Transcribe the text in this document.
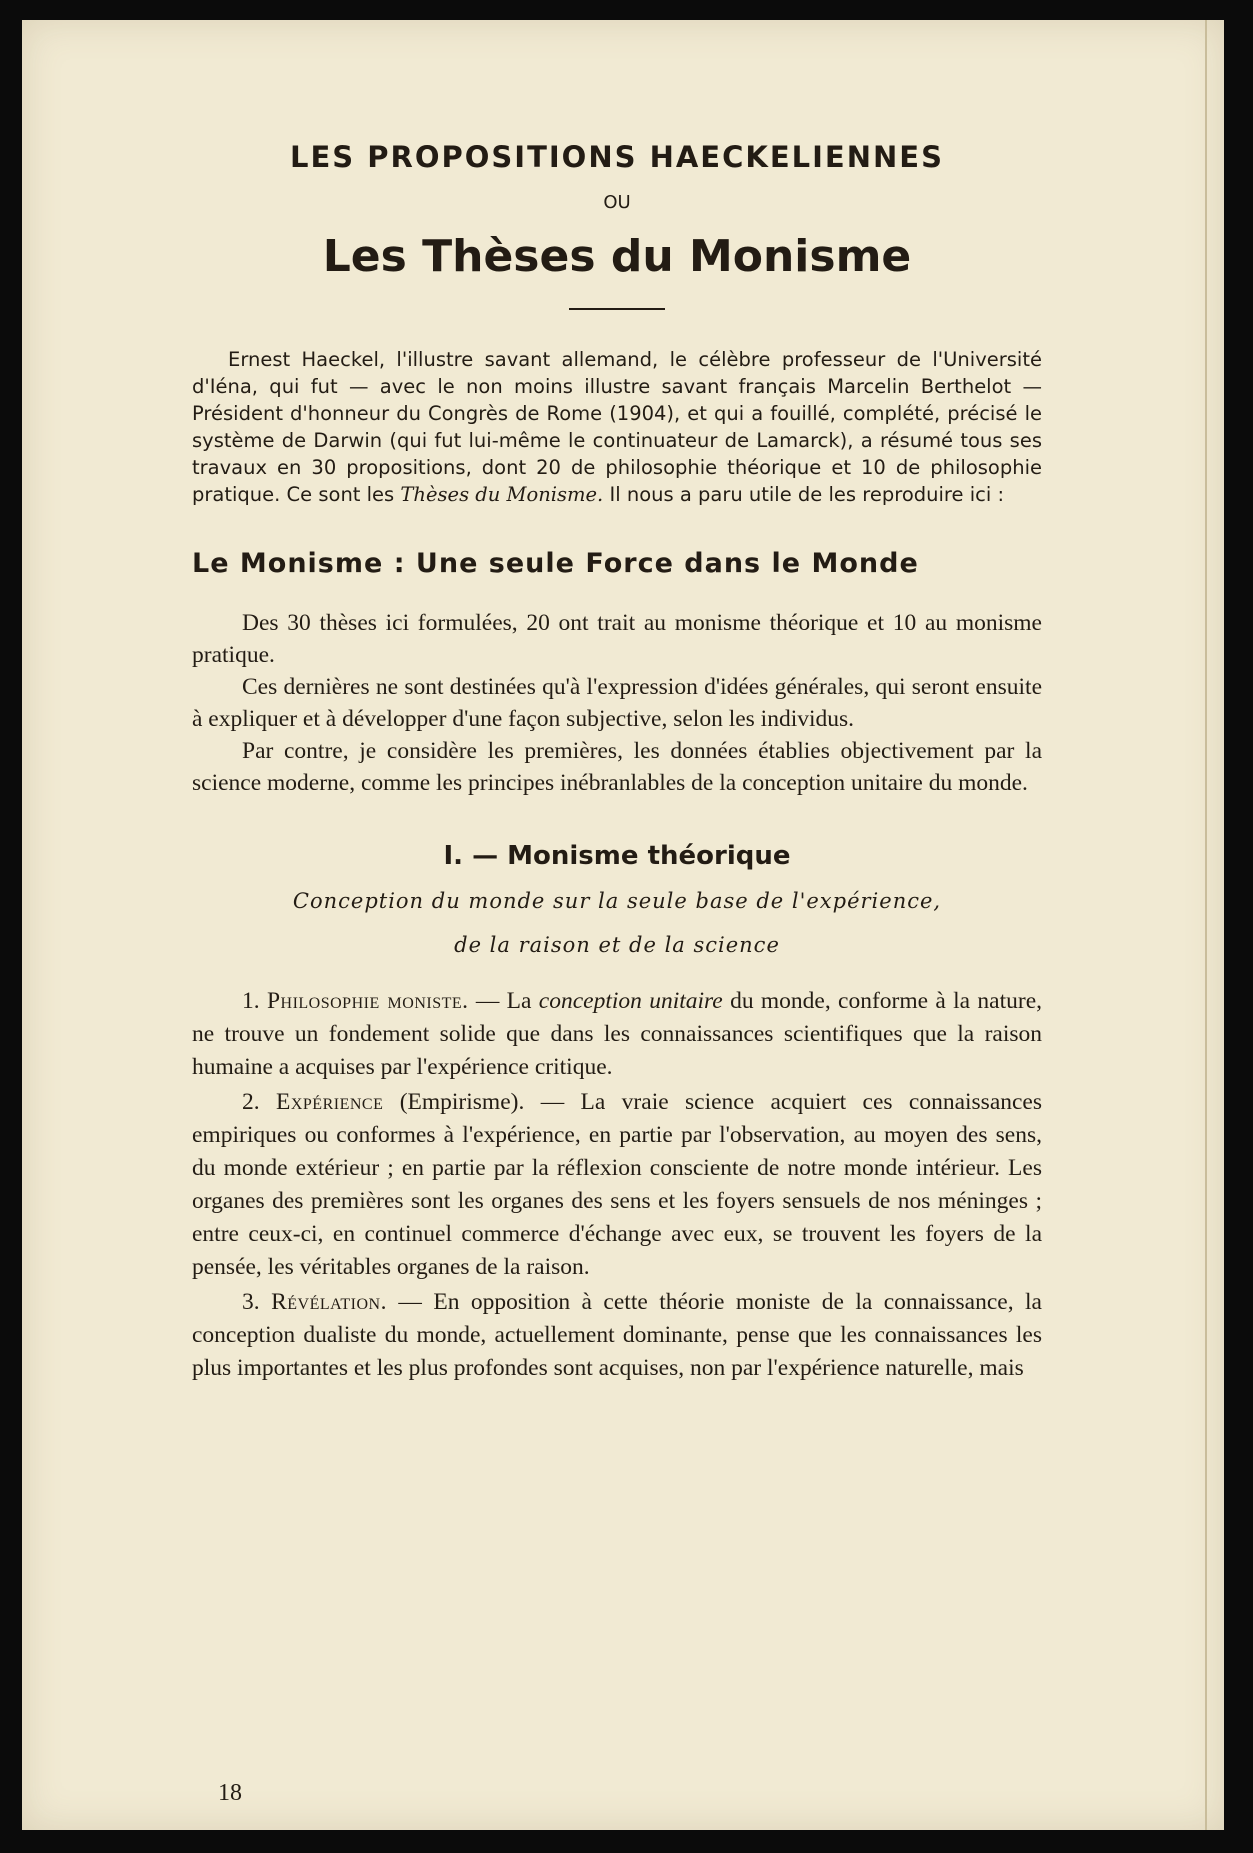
LES PROPOSITIONS HAECKELIENNES
OU
Les Thèses du Monisme

Ernest Haeckel, l'illustre savant allemand, le célèbre professeur de l'Université d'Iéna, qui fut — avec le non moins illustre savant français Marcelin Berthelot — Président d'honneur du Congrès de Rome (1904), et qui a fouillé, complété, précisé le système de Darwin (qui fut lui-même le continuateur de Lamarck), a résumé tous ses travaux en 30 propositions, dont 20 de philosophie théorique et 10 de philosophie pratique. Ce sont les Thèses du Monisme. Il nous a paru utile de les reproduire ici :

Le Monisme : Une seule Force dans le Monde

Des 30 thèses ici formulées, 20 ont trait au monisme théorique et 10 au monisme pratique.

Ces dernières ne sont destinées qu'à l'expression d'idées générales, qui seront ensuite à expliquer et à développer d'une façon subjective, selon les individus.

Par contre, je considère les premières, les données établies objectivement par la science moderne, comme les principes inébranlables de la conception unitaire du monde.

I. — Monisme théorique
Conception du monde sur la seule base de l'expérience,
de la raison et de la science

1. Philosophie moniste. — La conception unitaire du monde, conforme à la nature, ne trouve un fondement solide que dans les connaissances scientifiques que la raison humaine a acquises par l'expérience critique.

2. Expérience (Empirisme). — La vraie science acquiert ces connaissances empiriques ou conformes à l'expérience, en partie par l'observation, au moyen des sens, du monde extérieur ; en partie par la réflexion consciente de notre monde intérieur. Les organes des premières sont les organes des sens et les foyers sensuels de nos méninges ; entre ceux-ci, en continuel commerce d'échange avec eux, se trouvent les foyers de la pensée, les véritables organes de la raison.

3. Révélation. — En opposition à cette théorie moniste de la connaissance, la conception dualiste du monde, actuellement dominante, pense que les connaissances les plus importantes et les plus profondes sont acquises, non par l'expérience naturelle, mais

18
